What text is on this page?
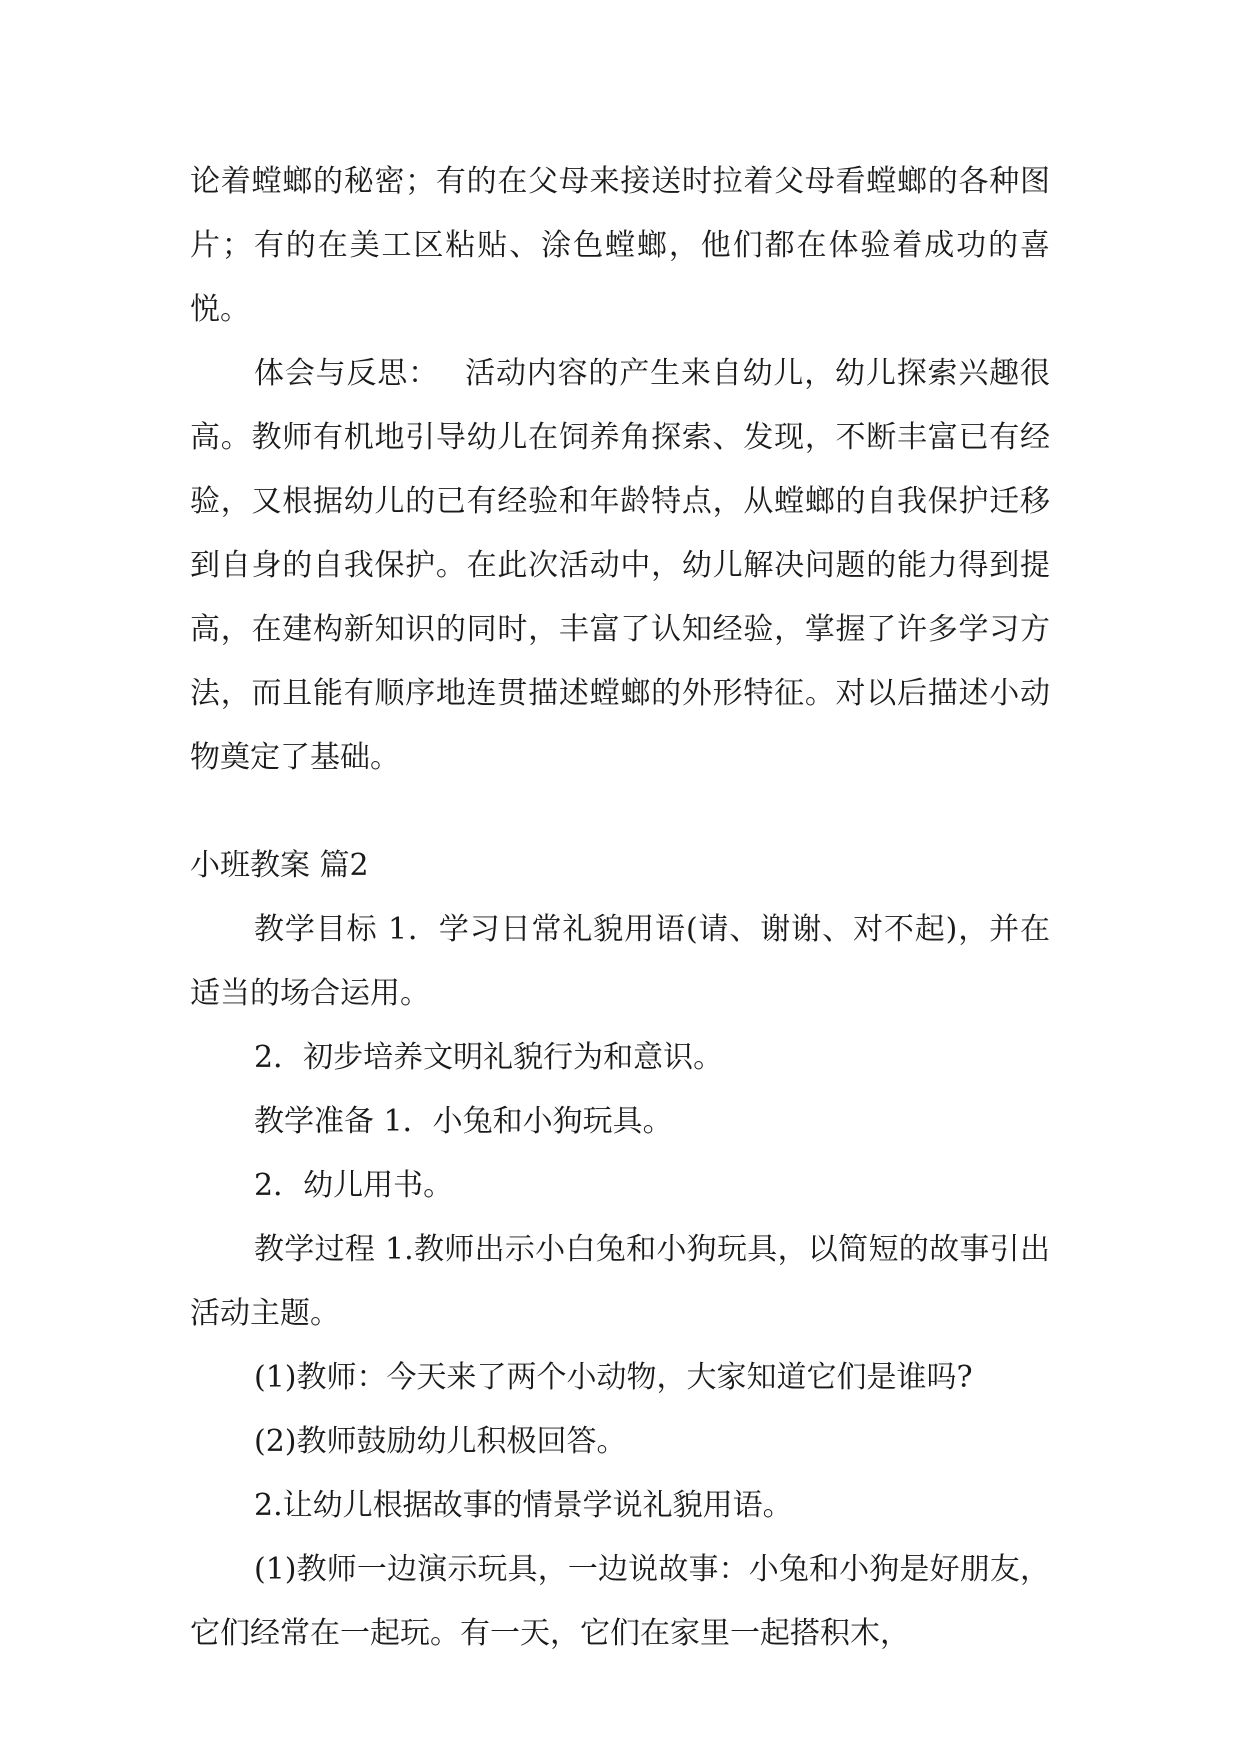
论着螳螂的秘密；有的在父母来接送时拉着父母看螳螂的各种图片；有的在美工区粘贴、涂色螳螂，他们都在体验着成功的喜悦。

体会与反思：　 活动内容的产生来自幼儿，幼儿探索兴趣很高。教师有机地引导幼儿在饲养角探索、发现，不断丰富已有经验，又根据幼儿的已有经验和年龄特点，从螳螂的自我保护迁移到自身的自我保护。在此次活动中，幼儿解决问题的能力得到提高，在建构新知识的同时，丰富了认知经验，掌握了许多学习方法，而且能有顺序地连贯描述螳螂的外形特征。对以后描述小动物奠定了基础。

小班教案 篇2

教学目标 1．学习日常礼貌用语(请、谢谢、对不起)，并在适当的场合运用。

2．初步培养文明礼貌行为和意识。

教学准备 1．小兔和小狗玩具。

2．幼儿用书。

教学过程 1.教师出示小白兔和小狗玩具，以简短的故事引出活动主题。

(1)教师：今天来了两个小动物，大家知道它们是谁吗?

(2)教师鼓励幼儿积极回答。

2.让幼儿根据故事的情景学说礼貌用语。

(1)教师一边演示玩具，一边说故事：小兔和小狗是好朋友，它们经常在一起玩。有一天，它们在家里一起搭积木，
